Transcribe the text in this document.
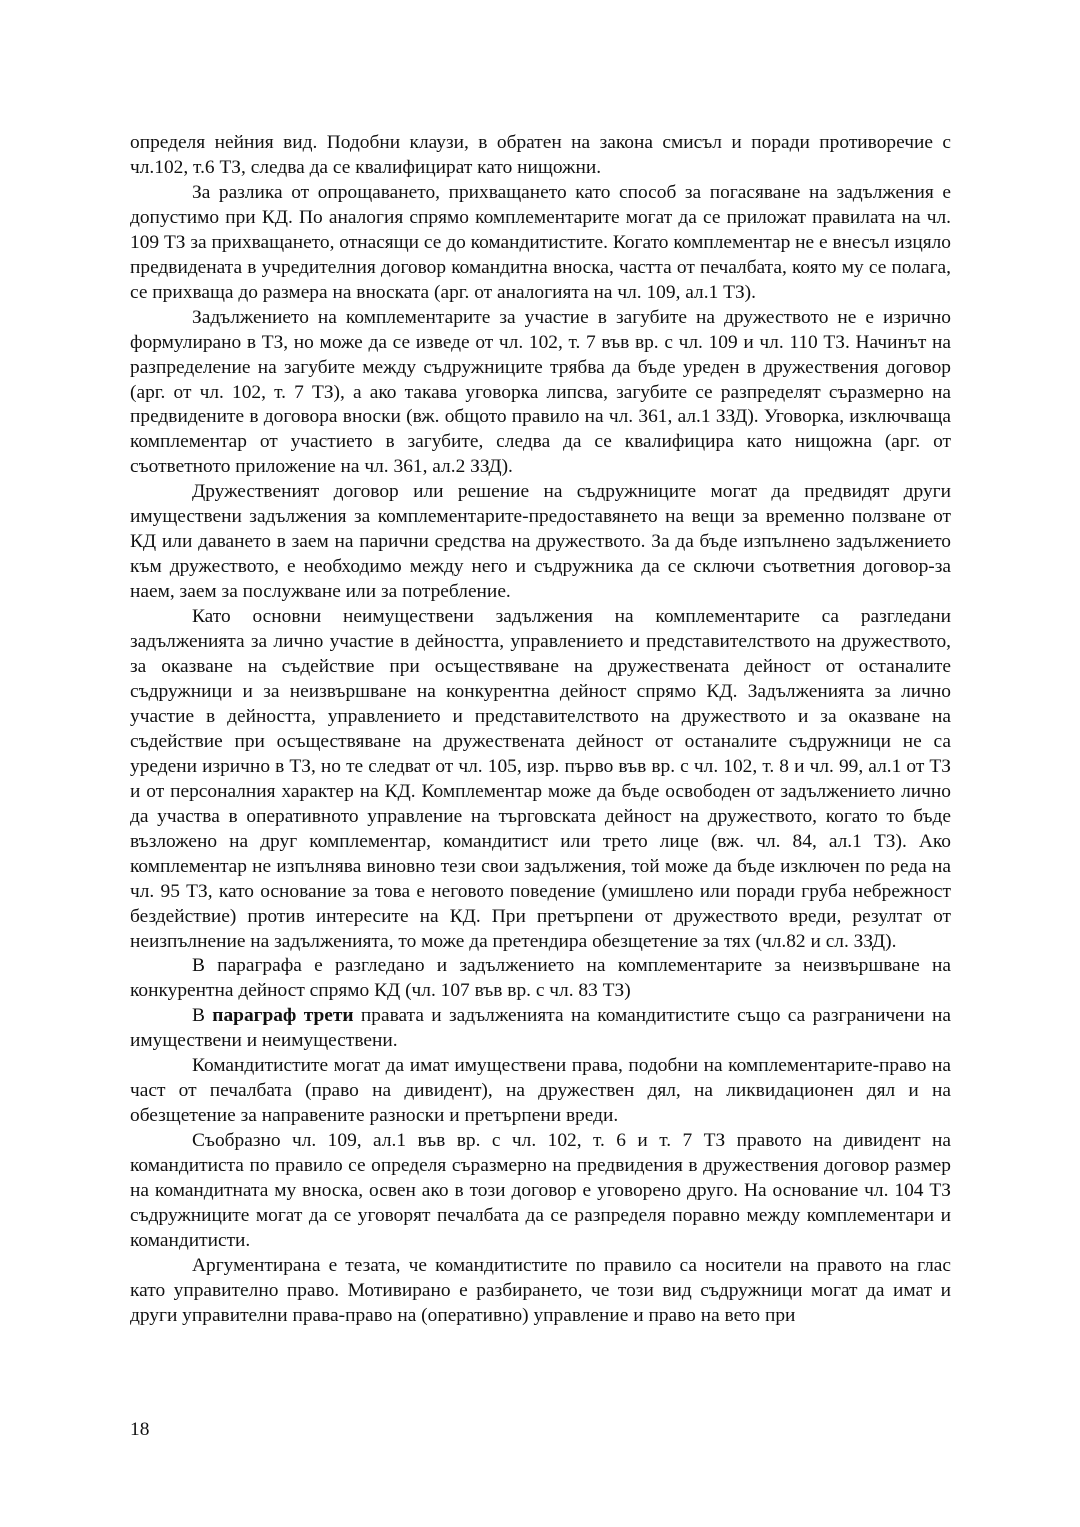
определя нейния вид. Подобни клаузи, в обратен на закона смисъл и поради противоречие с чл.102, т.6 ТЗ, следва да се квалифицират като нищожни.

За разлика от опрощаването, прихващането като способ за погасяване на задължения е допустимо при КД. По аналогия спрямо комплементарите могат да се приложат правилата на чл. 109 ТЗ за прихващането, отнасящи се до командитистите. Когато комплементар не е внесъл изцяло предвидената в учредителния договор командитна вноска, частта от печалбата, която му се полага, се прихваща до размера на вноската (арг. от аналогията на чл. 109, ал.1 ТЗ).

Задължението на комплементарите за участие в загубите на дружеството не е изрично формулирано в ТЗ, но може да се изведе от чл. 102, т. 7 във вр. с чл. 109 и чл. 110 ТЗ. Начинът на разпределение на загубите между съдружниците трябва да бъде уреден в дружествения договор (арг. от чл. 102, т. 7 ТЗ), а ако такава уговорка липсва, загубите се разпределят съразмерно на предвидените в договора вноски (вж. общото правило на чл. 361, ал.1 ЗЗД). Уговорка, изключваща комплементар от участието в загубите, следва да се квалифицира като нищожна (арг. от съответното приложение на чл. 361, ал.2 ЗЗД).

Дружественият договор или решение на съдружниците могат да предвидят други имуществени задължения за комплементарите-предоставянето на вещи за временно ползване от КД или даването в заем на парични средства на дружеството. За да бъде изпълнено задължението към дружеството, е необходимо между него и съдружника да се сключи съответния договор-за наем, заем за послужване или за потребление.

Като основни неимуществени задължения на комплементарите са разгледани задълженията за лично участие в дейността, управлението и представителството на дружеството, за оказване на съдействие при осъществяване на дружествената дейност от останалите съдружници и за неизвършване на конкурентна дейност спрямо КД. Задълженията за лично участие в дейността, управлението и представителството на дружеството и за оказване на съдействие при осъществяване на дружествената дейност от останалите съдружници не са уредени изрично в ТЗ, но те следват от чл. 105, изр. първо във вр. с чл. 102, т. 8 и чл. 99, ал.1 от ТЗ и от персоналния характер на КД. Комплементар може да бъде освободен от задължението лично да участва в оперативното управление на търговската дейност на дружеството, когато то бъде възложено на друг комплементар, командитист или трето лице (вж. чл. 84, ал.1 ТЗ). Ако комплементар не изпълнява виновно тези свои задължения, той може да бъде изключен по реда на чл. 95 ТЗ, като основание за това е неговото поведение (умишлено или поради груба небрежност бездействие) против интересите на КД. При претърпени от дружеството вреди, резултат от неизпълнение на задълженията, то може да претендира обезщетение за тях (чл.82 и сл. ЗЗД).

В параграфа е разгледано и задължението на комплементарите за неизвършване на конкурентна дейност спрямо КД (чл. 107 във вр. с чл. 83 ТЗ)

В параграф трети правата и задълженията на командитистите също са разграничени на имуществени и неимуществени.

Командитистите могат да имат имуществени права, подобни на комплементарите-право на част от печалбата (право на дивидент), на дружествен дял, на ликвидационен дял и на обезщетение за направените разноски и претърпени вреди.

Съобразно чл. 109, ал.1 във вр. с чл. 102, т. 6 и т. 7 ТЗ правото на дивидент на командитиста по правило се определя съразмерно на предвидения в дружествения договор размер на командитната му вноска, освен ако в този договор е уговорено друго. На основание чл. 104 ТЗ съдружниците могат да се уговорят печалбата да се разпределя поравно между комплементари и командитисти.

Аргументирана е тезата, че командитистите по правило са носители на правото на глас като управително право. Мотивирано е разбирането, че този вид съдружници могат да имат и други управителни права-право на (оперативно) управление и право на вето при

18
